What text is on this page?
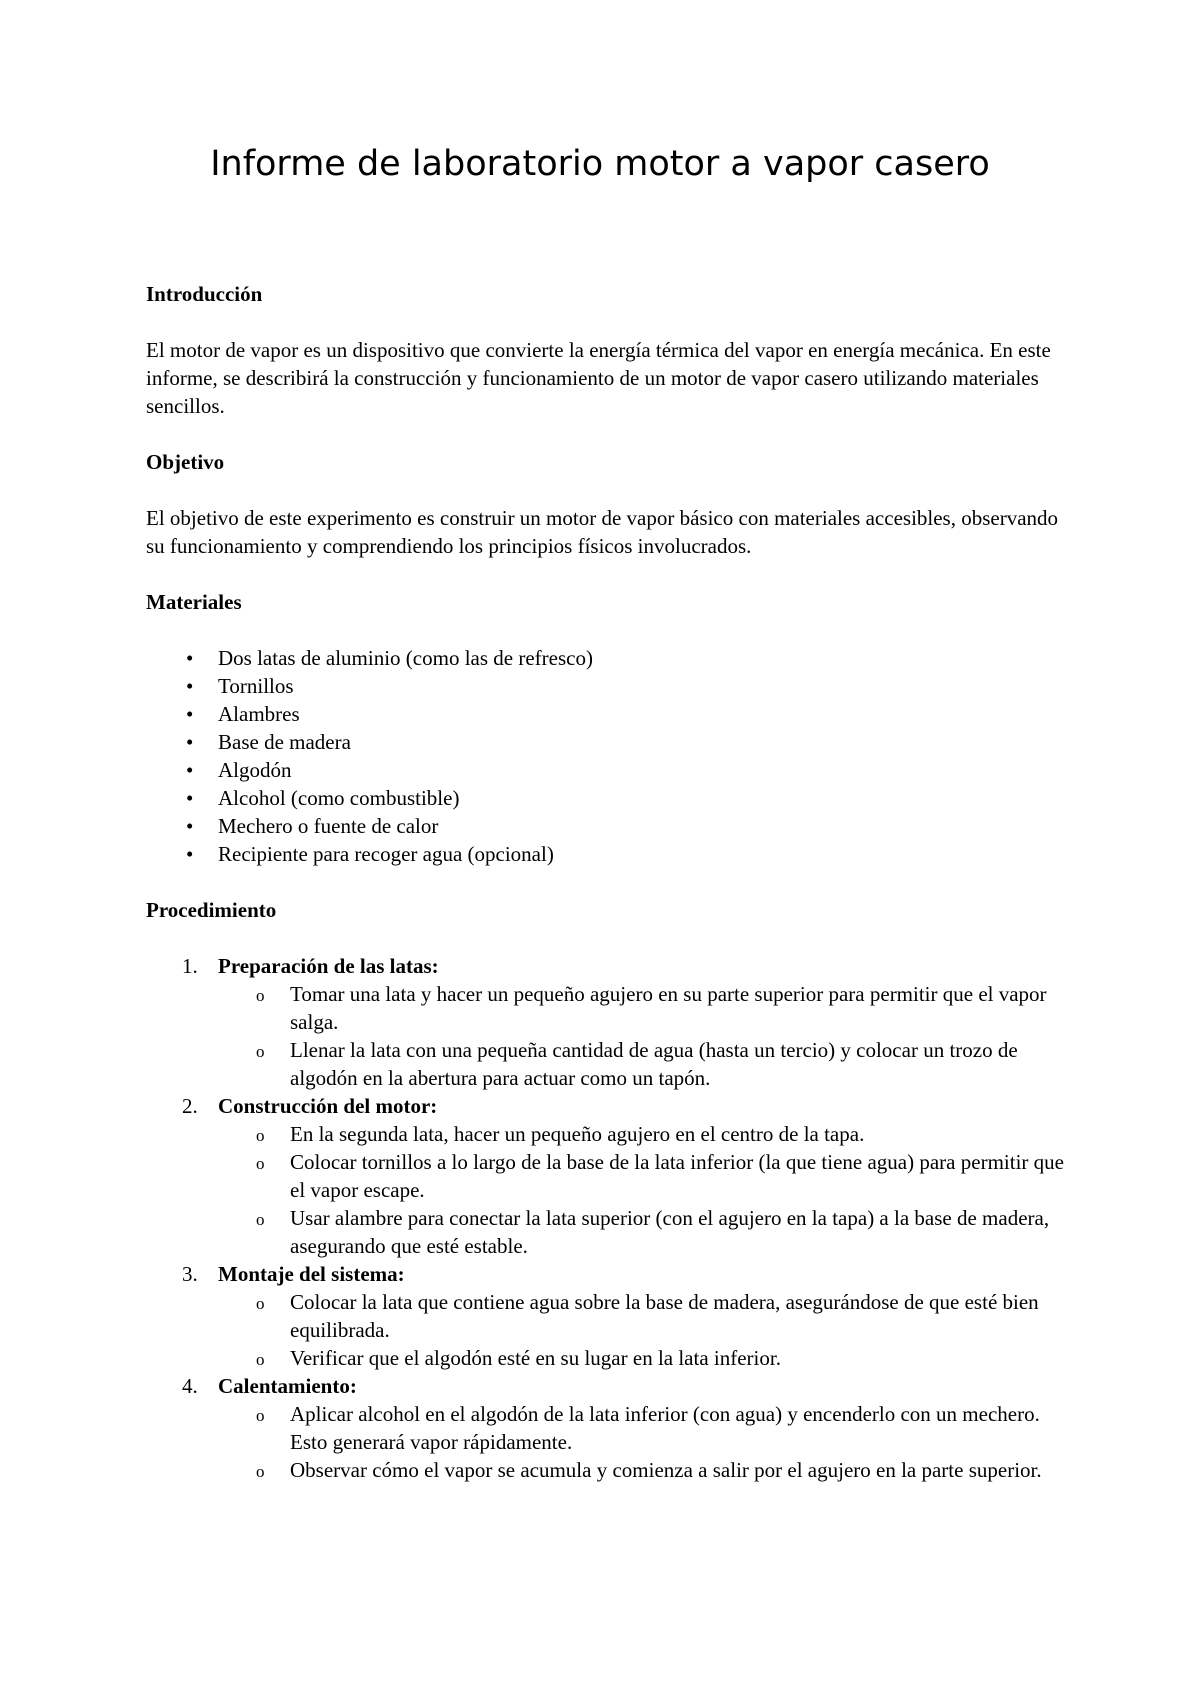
Informe de laboratorio motor a vapor casero

Introducción

El motor de vapor es un dispositivo que convierte la energía térmica del vapor en energía mecánica. En este informe, se describirá la construcción y funcionamiento de un motor de vapor casero utilizando materiales sencillos.

Objetivo

El objetivo de este experimento es construir un motor de vapor básico con materiales accesibles, observando su funcionamiento y comprendiendo los principios físicos involucrados.

Materiales

• Dos latas de aluminio (como las de refresco)
• Tornillos
• Alambres
• Base de madera
• Algodón
• Alcohol (como combustible)
• Mechero o fuente de calor
• Recipiente para recoger agua (opcional)

Procedimiento

1. Preparación de las latas:
o Tomar una lata y hacer un pequeño agujero en su parte superior para permitir que el vapor salga.
o Llenar la lata con una pequeña cantidad de agua (hasta un tercio) y colocar un trozo de algodón en la abertura para actuar como un tapón.
2. Construcción del motor:
o En la segunda lata, hacer un pequeño agujero en el centro de la tapa.
o Colocar tornillos a lo largo de la base de la lata inferior (la que tiene agua) para permitir que el vapor escape.
o Usar alambre para conectar la lata superior (con el agujero en la tapa) a la base de madera, asegurando que esté estable.
3. Montaje del sistema:
o Colocar la lata que contiene agua sobre la base de madera, asegurándose de que esté bien equilibrada.
o Verificar que el algodón esté en su lugar en la lata inferior.
4. Calentamiento:
o Aplicar alcohol en el algodón de la lata inferior (con agua) y encenderlo con un mechero. Esto generará vapor rápidamente.
o Observar cómo el vapor se acumula y comienza a salir por el agujero en la parte superior.
